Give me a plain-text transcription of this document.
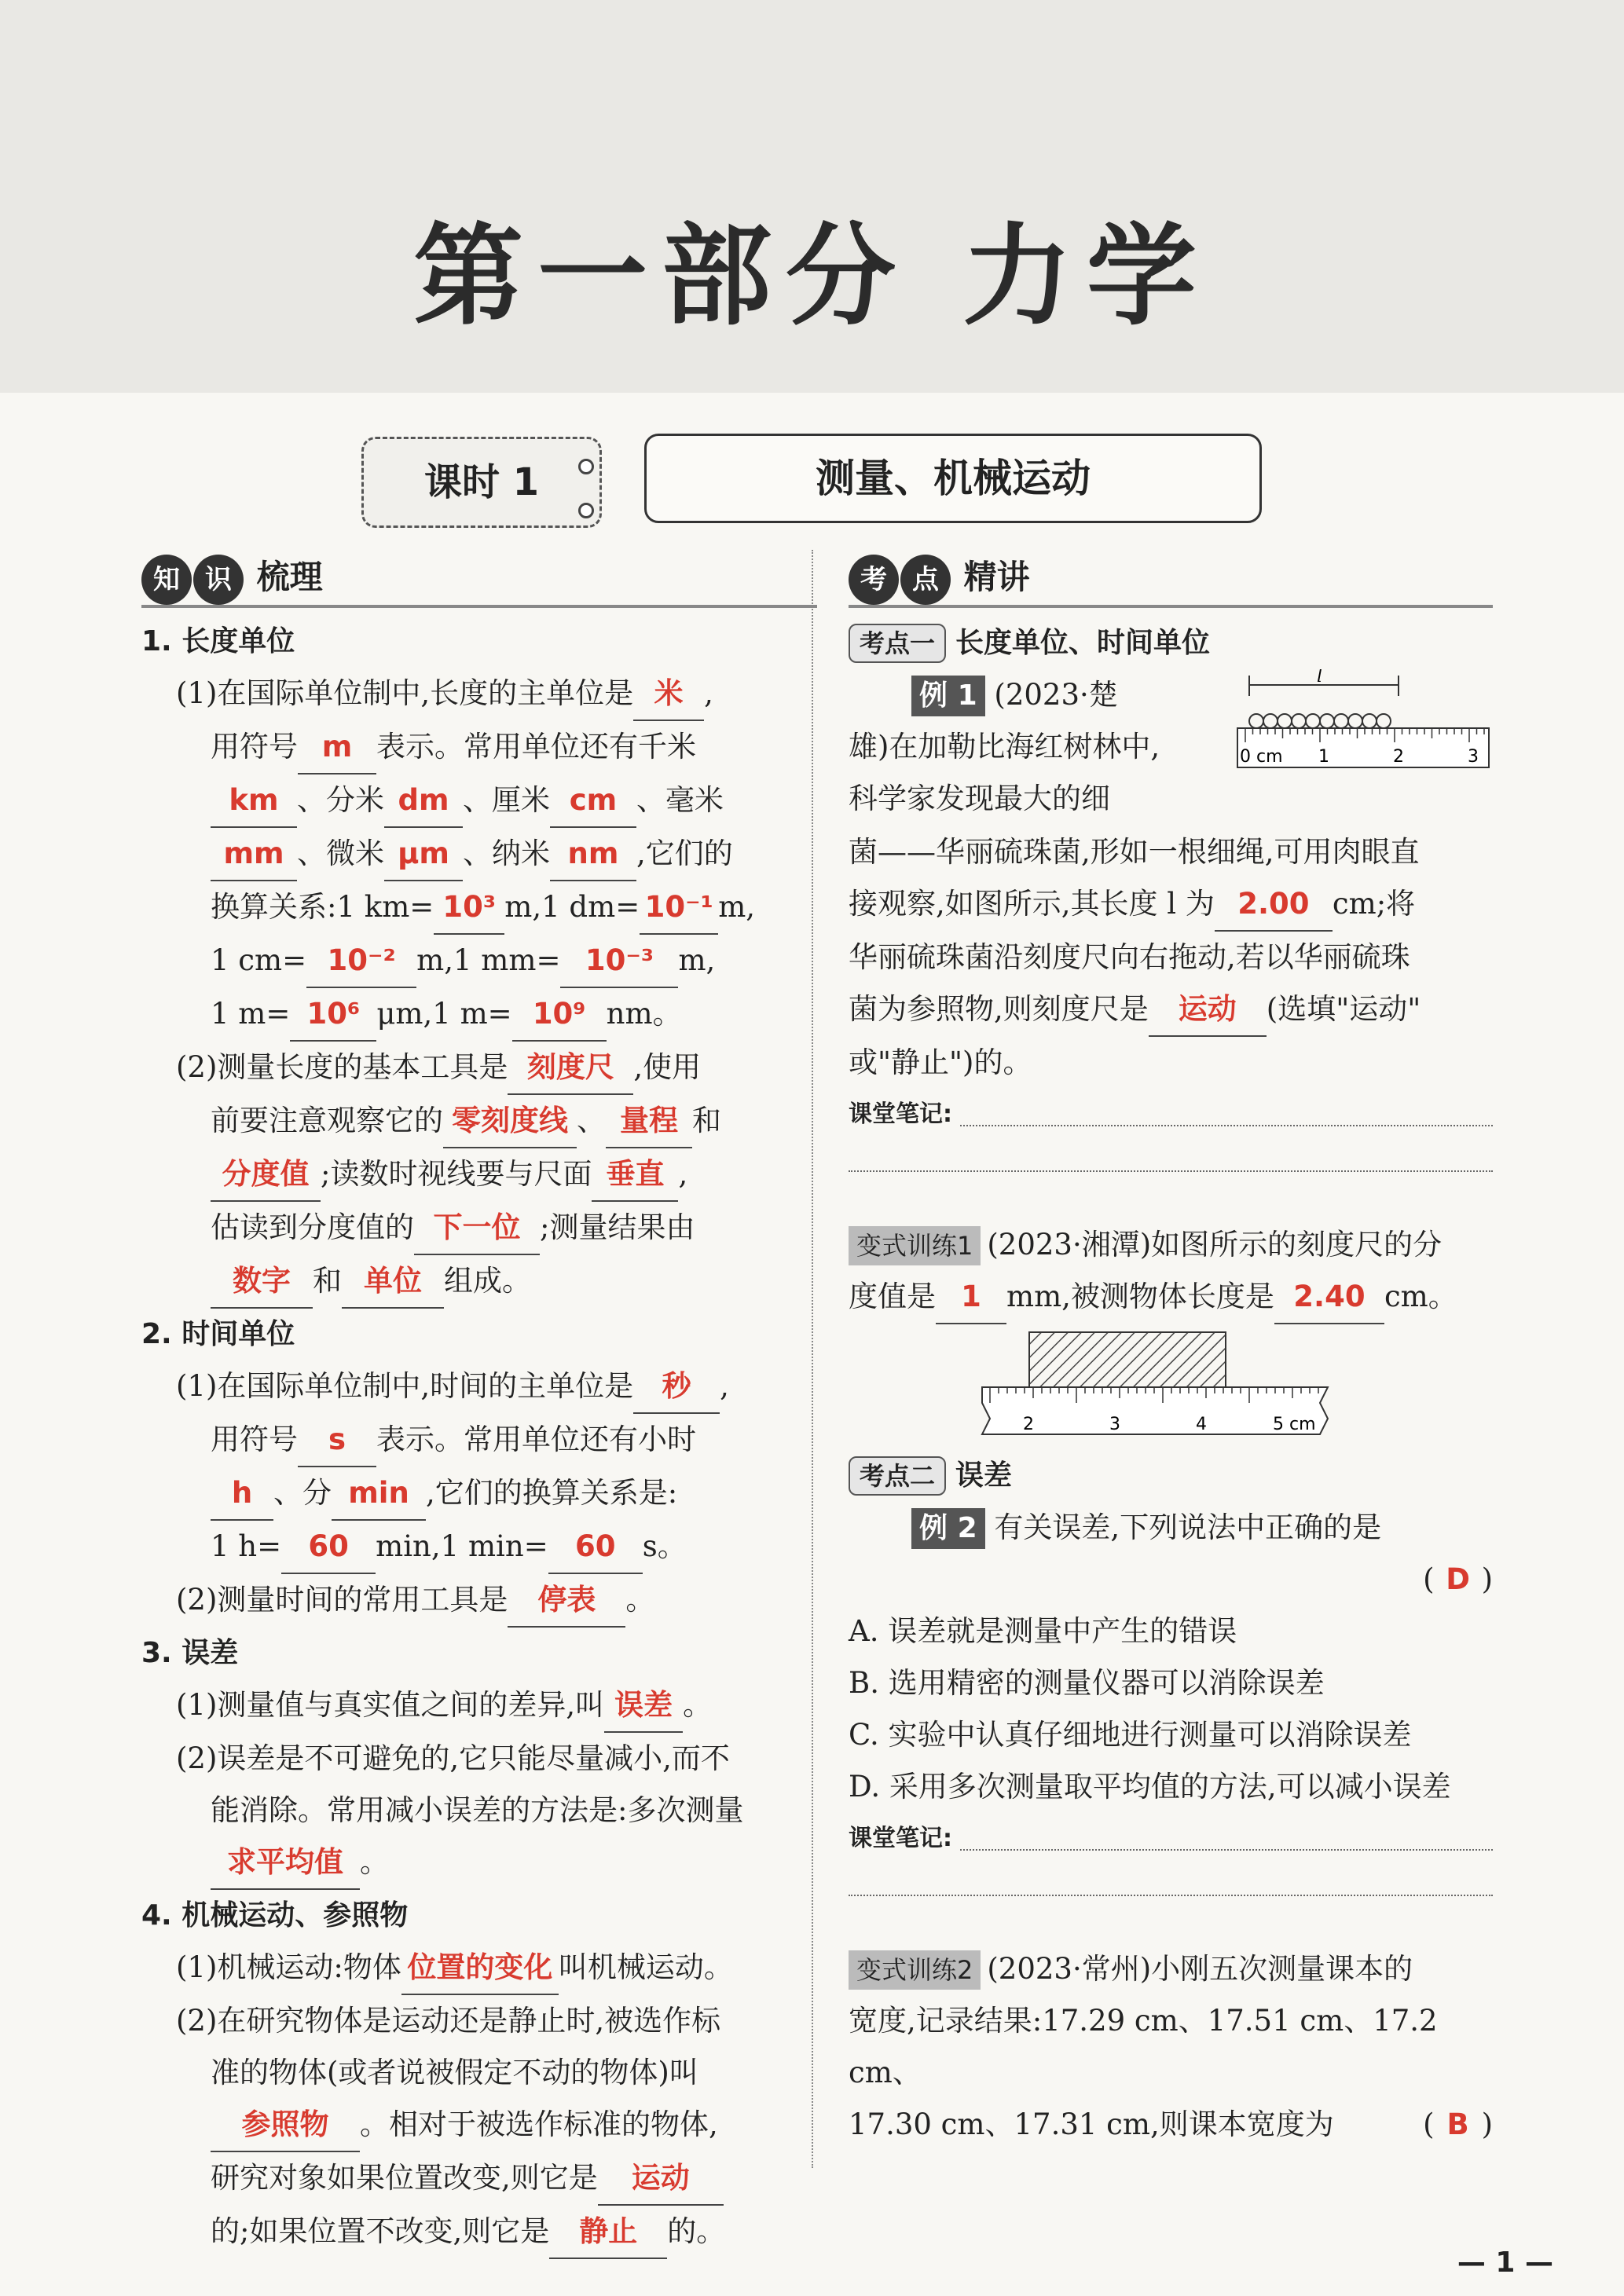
第一部分 力学
课时 1	测量、机械运动
知 识 梳理
1. 长度单位
(1)在国际单位制中,长度的主单位是 米 ,
用符号 m 表示。常用单位还有千米
km 、分米 dm 、厘米 cm 、毫米
mm 、微米 μm 、纳米 nm ,它们的
换算关系:1 km= 10³ m,1 dm= 10⁻¹ m,
1 cm= 10⁻² m,1 mm= 10⁻³ m,
1 m= 10⁶ μm,1 m= 10⁹ nm。
(2)测量长度的基本工具是 刻度尺 ,使用
前要注意观察它的 零刻度线 、 量程 和
分度值 ;读数时视线要与尺面 垂直 ,
估读到分度值的 下一位 ;测量结果由
数字 和 单位 组成。
2. 时间单位
(1)在国际单位制中,时间的主单位是 秒 ,
用符号 s 表示。常用单位还有小时
h 、分 min ,它们的换算关系是:
1 h= 60 min,1 min= 60 s。
(2)测量时间的常用工具是 停表 。
3. 误差
(1)测量值与真实值之间的差异,叫 误差 。
(2)误差是不可避免的,它只能尽量减小,而不
能消除。常用减小误差的方法是:多次测量
求平均值 。
4. 机械运动、参照物
(1)机械运动:物体 位置的变化 叫机械运动。
(2)在研究物体是运动还是静止时,被选作标
准的物体(或者说被假定不动的物体)叫
参照物 。相对于被选作标准的物体,
研究对象如果位置改变,则它是 运动
的;如果位置不改变,则它是 静止 的。
考 点 精讲
考点一 长度单位、时间单位
例 1 (2023·楚
雄)在加勒比海红树林中,
科学家发现最大的细
l
0 cm 1	2	3
菌——华丽硫珠菌,形如一根细绳,可用肉眼直
接观察,如图所示,其长度 l 为 2.00 cm;将
华丽硫珠菌沿刻度尺向右拖动,若以华丽硫珠
菌为参照物,则刻度尺是 运动 (选填"运动"
或"静止")的。
课堂笔记:
变式训练1 (2023·湘潭)如图所示的刻度尺的分
度值是 1 mm,被测物体长度是 2.40 cm。
2	3	4	5 cm
考点二 误差
例 2 有关误差,下列说法中正确的是
( D )
A. 误差就是测量中产生的错误
B. 选用精密的测量仪器可以消除误差
C. 实验中认真仔细地进行测量可以消除误差
D. 采用多次测量取平均值的方法,可以减小误差
课堂笔记:
变式训练2 (2023·常州)小刚五次测量课本的
宽度,记录结果:17.29 cm、17.51 cm、17.2 cm、
17.30 cm、17.31 cm,则课本宽度为	( B )
— 1 —
